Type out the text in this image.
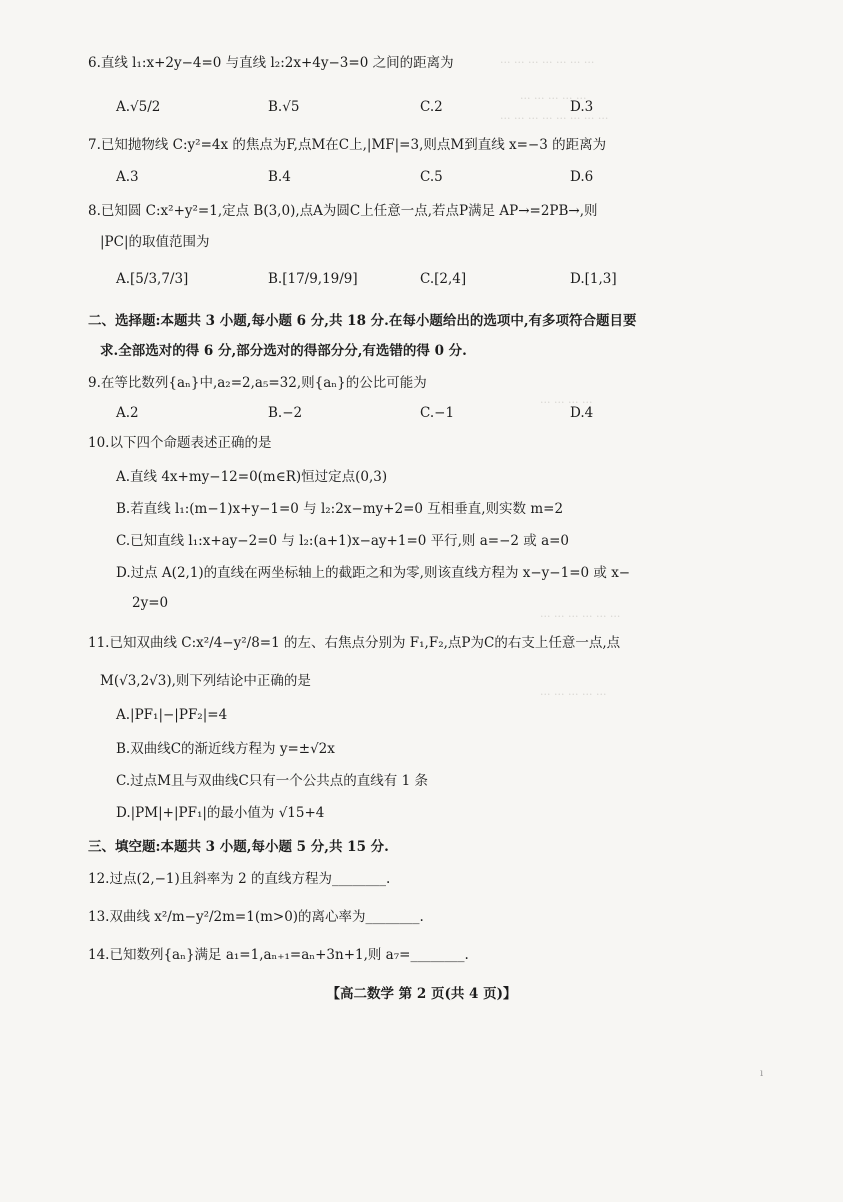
··· ··· ··· ··· ··· ··· ···
··· ··· ··· ··· ···
··· ··· ··· ··· ··· ··· ··· ···
··· ··· ··· ···
··· ··· ··· ··· ··· ···
··· ··· ··· ··· ···
ı
6.直线 l₁:x+2y−4=0 与直线 l₂:2x+4y−3=0 之间的距离为
A.√5/2	B.√5	C.2	D.3
7.已知抛物线 C:y²=4x 的焦点为F,点M在C上,|MF|=3,则点M到直线 x=−3 的距离为
A.3	B.4	C.5	D.6
8.已知圆 C:x²+y²=1,定点 B(3,0),点A为圆C上任意一点,若点P满足 AP→=2PB→,则
|PC|的取值范围为
A.[5/3,7/3]	B.[17/9,19/9]	C.[2,4]	D.[1,3]
二、选择题:本题共 3 小题,每小题 6 分,共 18 分.在每小题给出的选项中,有多项符合题目要
求.全部选对的得 6 分,部分选对的得部分分,有选错的得 0 分.
9.在等比数列{aₙ}中,a₂=2,a₅=32,则{aₙ}的公比可能为
A.2	B.−2	C.−1	D.4
10.以下四个命题表述正确的是
A.直线 4x+my−12=0(m∈R)恒过定点(0,3)
B.若直线 l₁:(m−1)x+y−1=0 与 l₂:2x−my+2=0 互相垂直,则实数 m=2
C.已知直线 l₁:x+ay−2=0 与 l₂:(a+1)x−ay+1=0 平行,则 a=−2 或 a=0
D.过点 A(2,1)的直线在两坐标轴上的截距之和为零,则该直线方程为 x−y−1=0 或 x−
2y=0
11.已知双曲线 C:x²/4−y²/8=1 的左、右焦点分别为 F₁,F₂,点P为C的右支上任意一点,点
M(√3,2√3),则下列结论中正确的是
A.|PF₁|−|PF₂|=4
B.双曲线C的渐近线方程为 y=±√2x
C.过点M且与双曲线C只有一个公共点的直线有 1 条
D.|PM|+|PF₁|的最小值为 √15+4
三、填空题:本题共 3 小题,每小题 5 分,共 15 分.
12.过点(2,−1)且斜率为 2 的直线方程为________.
13.双曲线 x²/m−y²/2m=1(m>0)的离心率为________.
14.已知数列{aₙ}满足 a₁=1,aₙ₊₁=aₙ+3n+1,则 a₇=________.
【高二数学 第 2 页(共 4 页)】
